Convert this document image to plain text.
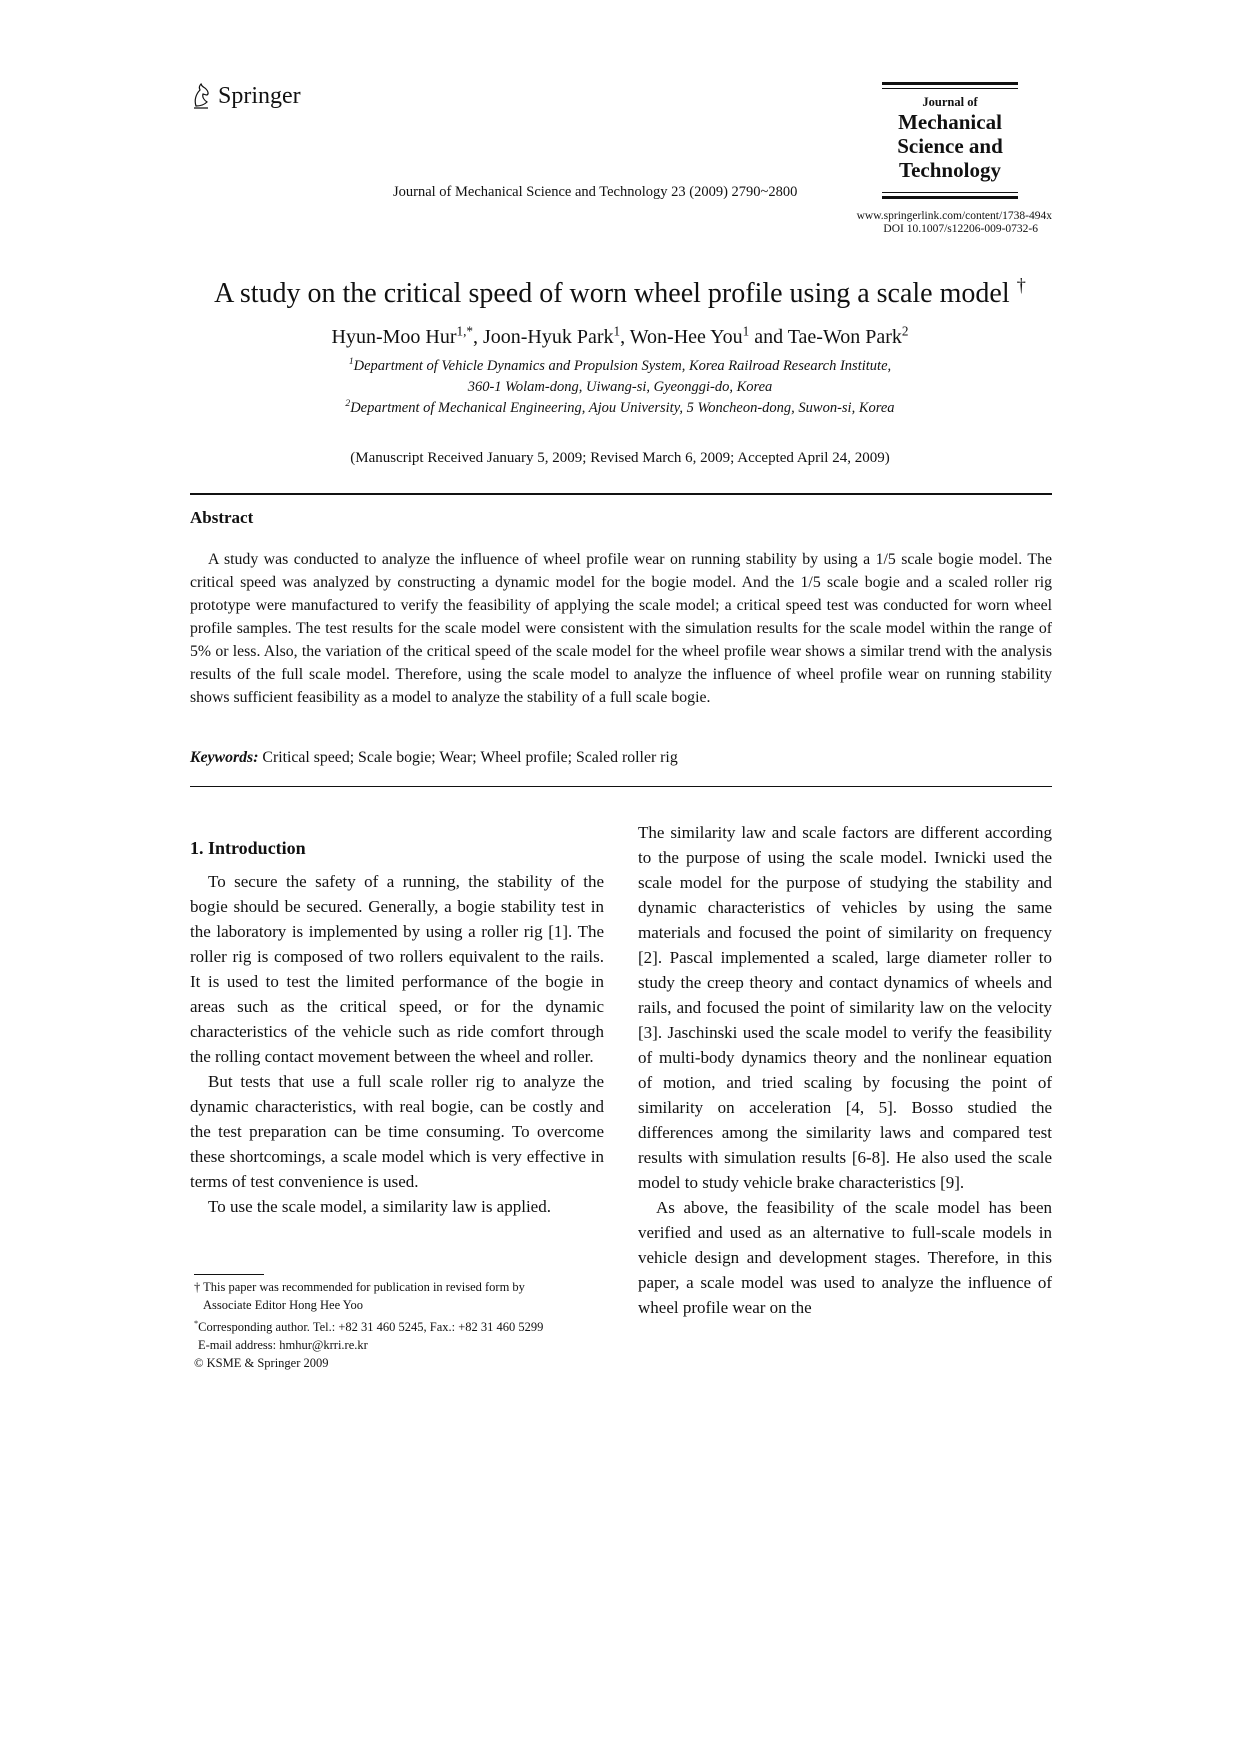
Springer	Journal of
Mechanical
Science and
Technology
Journal of Mechanical Science and Technology 23 (2009) 2790~2800
www.springerlink.com/content/1738-494x
DOI 10.1007/s12206-009-0732-6
A study on the critical speed of worn wheel profile using a scale model †
Hyun-Moo Hur$^{1,*}$, Joon-Hyuk Park$^1$, Won-Hee You$^1$ and Tae-Won Park$^2$
$^1$Department of Vehicle Dynamics and Propulsion System, Korea Railroad Research Institute,
360-1 Wolam-dong, Uiwang-si, Gyeonggi-do, Korea
$^2$Department of Mechanical Engineering, Ajou University, 5 Woncheon-dong, Suwon-si, Korea
(Manuscript Received January 5, 2009; Revised March 6, 2009; Accepted April 24, 2009)
Abstract

A study was conducted to analyze the influence of wheel profile wear on running stability by using a 1/5 scale bogie model. The critical speed was analyzed by constructing a dynamic model for the bogie model. And the 1/5 scale bogie and a scaled roller rig prototype were manufactured to verify the feasibility of applying the scale model; a critical speed test was conducted for worn wheel profile samples. The test results for the scale model were consistent with the simulation results for the scale model within the range of 5% or less. Also, the variation of the critical speed of the scale model for the wheel profile wear shows a similar trend with the analysis results of the full scale model. Therefore, using the scale model to analyze the influence of wheel profile wear on running stability shows sufficient feasibility as a model to analyze the stability of a full scale bogie.

Keywords: Critical speed; Scale bogie; Wear; Wheel profile; Scaled roller rig
1. Introduction

To secure the safety of a running, the stability of the bogie should be secured. Generally, a bogie stability test in the laboratory is implemented by using a roller rig [1]. The roller rig is composed of two rollers equivalent to the rails. It is used to test the limited performance of the bogie in areas such as the critical speed, or for the dynamic characteristics of the vehicle such as ride comfort through the rolling contact movement between the wheel and roller.

But tests that use a full scale roller rig to analyze the dynamic characteristics, with real bogie, can be costly and the test preparation can be time consuming. To overcome these shortcomings, a scale model which is very effective in terms of test convenience is used.

To use the scale model, a similarity law is applied.

The similarity law and scale factors are different according to the purpose of using the scale model. Iwnicki used the scale model for the purpose of studying the stability and dynamic characteristics of vehicles by using the same materials and focused the point of similarity on frequency [2]. Pascal implemented a scaled, large diameter roller to study the creep theory and contact dynamics of wheels and rails, and focused the point of similarity law on the velocity [3]. Jaschinski used the scale model to verify the feasibility of multi-body dynamics theory and the nonlinear equation of motion, and tried scaling by focusing the point of similarity on acceleration [4, 5]. Bosso studied the differences among the similarity laws and compared test results with simulation results [6-8]. He also used the scale model to study vehicle brake characteristics [9].

As above, the feasibility of the scale model has been verified and used as an alternative to full-scale models in vehicle design and development stages. Therefore, in this paper, a scale model was used to analyze the influence of wheel profile wear on the

† This paper was recommended for publication in revised form by
Associate Editor Hong Hee Yoo
*Corresponding author. Tel.: +82 31 460 5245, Fax.: +82 31 460 5299
E-mail address: hmhur@krri.re.kr
© KSME & Springer 2009
